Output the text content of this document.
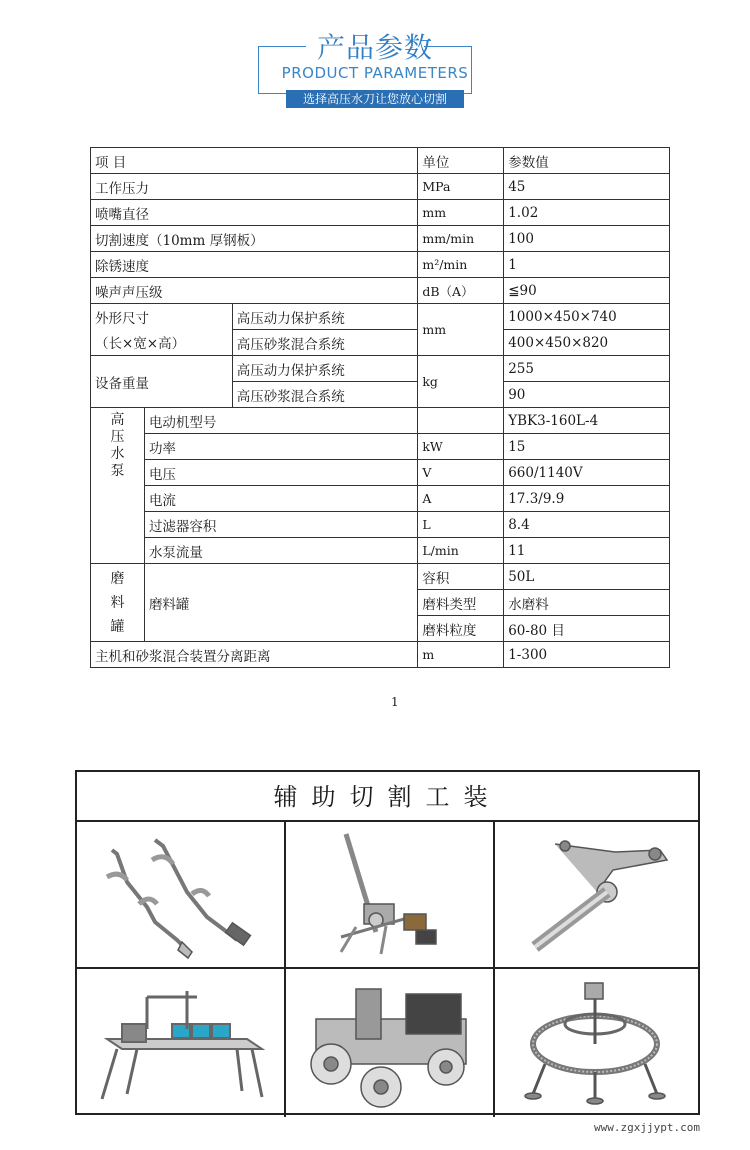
产品参数
PRODUCT PARAMETERS
选择高压水刀让您放心切割
项 目			单位	参数值
工作压力			MPa	45
喷嘴直径			mm	1.02
切割速度（10mm 厚钢板）			mm/min	100
除锈速度			m²/min	1
噪声声压级			dB（A）	≦90
外形尺寸		高压动力保护系统	mm	1000×450×740
（长×宽×高）		高压砂浆混合系统		400×450×820
设备重量		高压动力保护系统	kg	255
		高压砂浆混合系统		90

高
压
水
泵	电动机型号			YBK3-160L-4
	功率		kW	15
	电压		V	660/1140V
	电流		A	17.3/9.9
	过滤器容积		L	8.4
	水泵流量		L/min	11

磨
料
罐	磨料罐		容积	50L
			磨料类型	水磨料
			磨料粒度	60-80 目
主机和砂浆混合装置分离距离			m	1-300
1
辅助切割工装
www.zgxjjypt.com
